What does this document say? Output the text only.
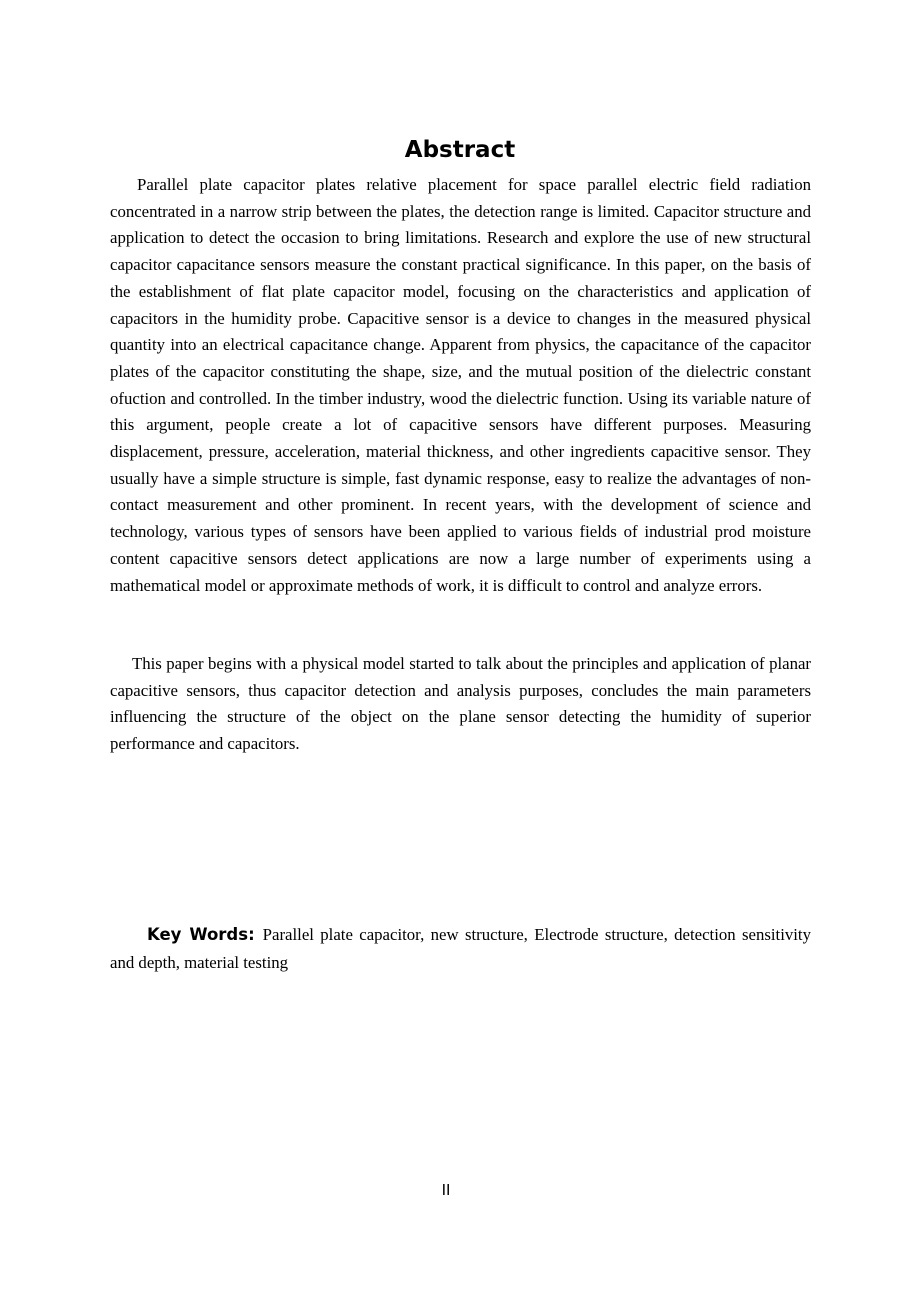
Abstract

Parallel plate capacitor plates relative placement for space parallel electric field radiation concentrated in a narrow strip between the plates, the detection range is limited. Capacitor structure and application to detect the occasion to bring limitations. Research and explore the use of new structural capacitor capacitance sensors measure the constant practical significance. In this paper, on the basis of the establishment of flat plate capacitor model, focusing on the characteristics and application of capacitors in the humidity probe. Capacitive sensor is a device to changes in the measured physical quantity into an electrical capacitance change. Apparent from physics, the capacitance of the capacitor plates of the capacitor constituting the shape, size, and the mutual position of the dielectric constant ofuction and controlled. In the timber industry, wood the dielectric function. Using its variable nature of this argument, people create a lot of capacitive sensors have different purposes. Measuring displacement, pressure, acceleration, material thickness, and other ingredients capacitive sensor. They usually have a simple structure is simple, fast dynamic response, easy to realize the advantages of non-contact measurement and other prominent. In recent years, with the development of science and technology, various types of sensors have been applied to various fields of industrial prod moisture content capacitive sensors detect applications are now a large number of experiments using a mathematical model or approximate methods of work, it is difficult to control and analyze errors.

This paper begins with a physical model started to talk about the principles and application of planar capacitive sensors, thus capacitor detection and analysis purposes, concludes the main parameters influencing the structure of the object on the plane sensor detecting the humidity of superior performance and capacitors.

Key Words: Parallel plate capacitor, new structure, Electrode structure, detection sensitivity and depth, material testing

II
